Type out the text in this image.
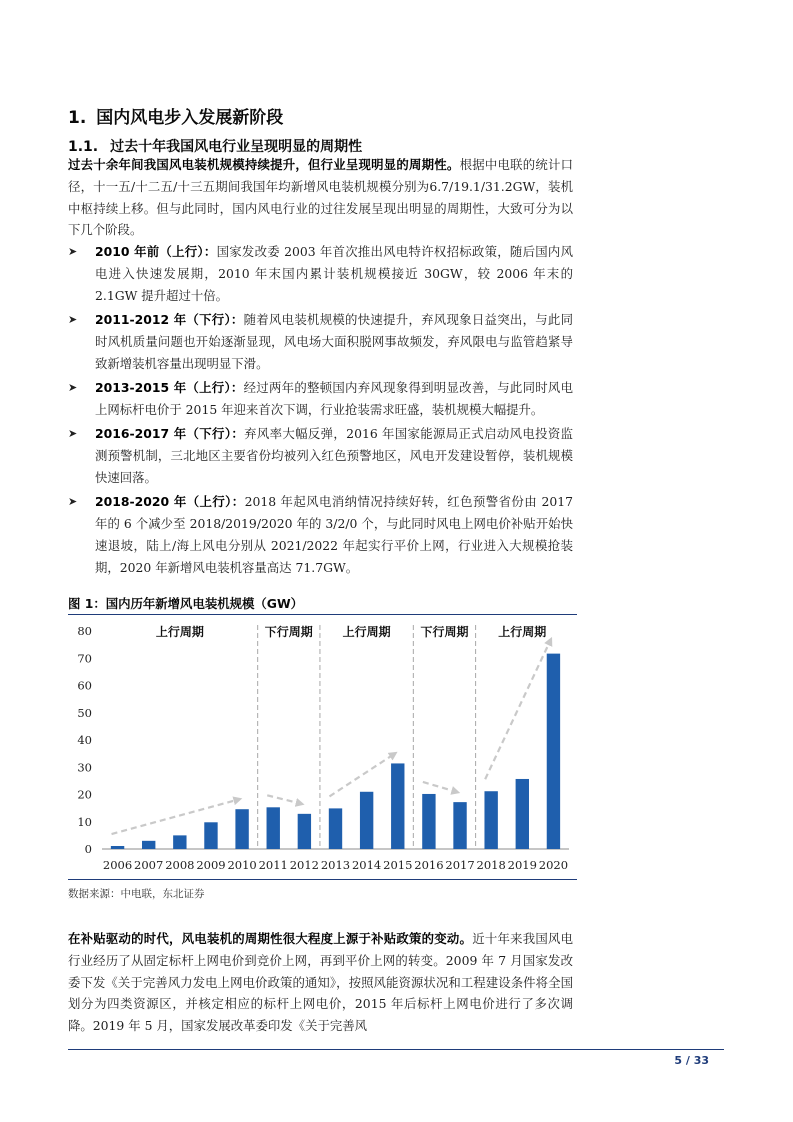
1. 国内风电步入发展新阶段
1.1. 过去十年我国风电行业呈现明显的周期性

过去十余年间我国风电装机规模持续提升，但行业呈现明显的周期性。根据中电联的统计口径，十一五/十二五/十三五期间我国年均新增风电装机规模分别为6.7/19.1/31.2GW，装机中枢持续上移。但与此同时，国内风电行业的过往发展呈现出明显的周期性，大致可分为以下几个阶段。

➤ 2010 年前（上行）：国家发改委 2003 年首次推出风电特许权招标政策，随后国内风电进入快速发展期，2010 年末国内累计装机规模接近 30GW，较 2006 年末的 2.1GW 提升超过十倍。
➤ 2011-2012 年（下行）：随着风电装机规模的快速提升，弃风现象日益突出，与此同时风机质量问题也开始逐渐显现，风电场大面积脱网事故频发，弃风限电与监管趋紧导致新增装机容量出现明显下滑。
➤ 2013-2015 年（上行）：经过两年的整顿国内弃风现象得到明显改善，与此同时风电上网标杆电价于 2015 年迎来首次下调，行业抢装需求旺盛，装机规模大幅提升。
➤ 2016-2017 年（下行）：弃风率大幅反弹，2016 年国家能源局正式启动风电投资监测预警机制，三北地区主要省份均被列入红色预警地区，风电开发建设暂停，装机规模快速回落。
➤ 2018-2020 年（上行）：2018 年起风电消纳情况持续好转，红色预警省份由 2017 年的 6 个减少至 2018/2019/2020 年的 3/2/0 个，与此同时风电上网电价补贴开始快速退坡，陆上/海上风电分别从 2021/2022 年起实行平价上网，行业进入大规模抢装期，2020 年新增风电装机容量高达 71.7GW。

图 1：国内历年新增风电装机规模（GW）

0
10
20
30
40
50
60
70
80	上行周期	下行周期 上行周期 下行周期 上行周期
2006 2007 2008 2009 2010 2011 2012 2013 2014 2015 2016 2017 2018 2019 2020

数据来源：中电联，东北证券

在补贴驱动的时代，风电装机的周期性很大程度上源于补贴政策的变动。近十年来我国风电行业经历了从固定标杆上网电价到竞价上网，再到平价上网的转变。2009 年 7 月国家发改委下发《关于完善风力发电上网电价政策的通知》，按照风能资源状况和工程建设条件将全国划分为四类资源区，并核定相应的标杆上网电价，2015 年后标杆上网电价进行了多次调降。2019 年 5 月，国家发展改革委印发《关于完善风

5 / 33
